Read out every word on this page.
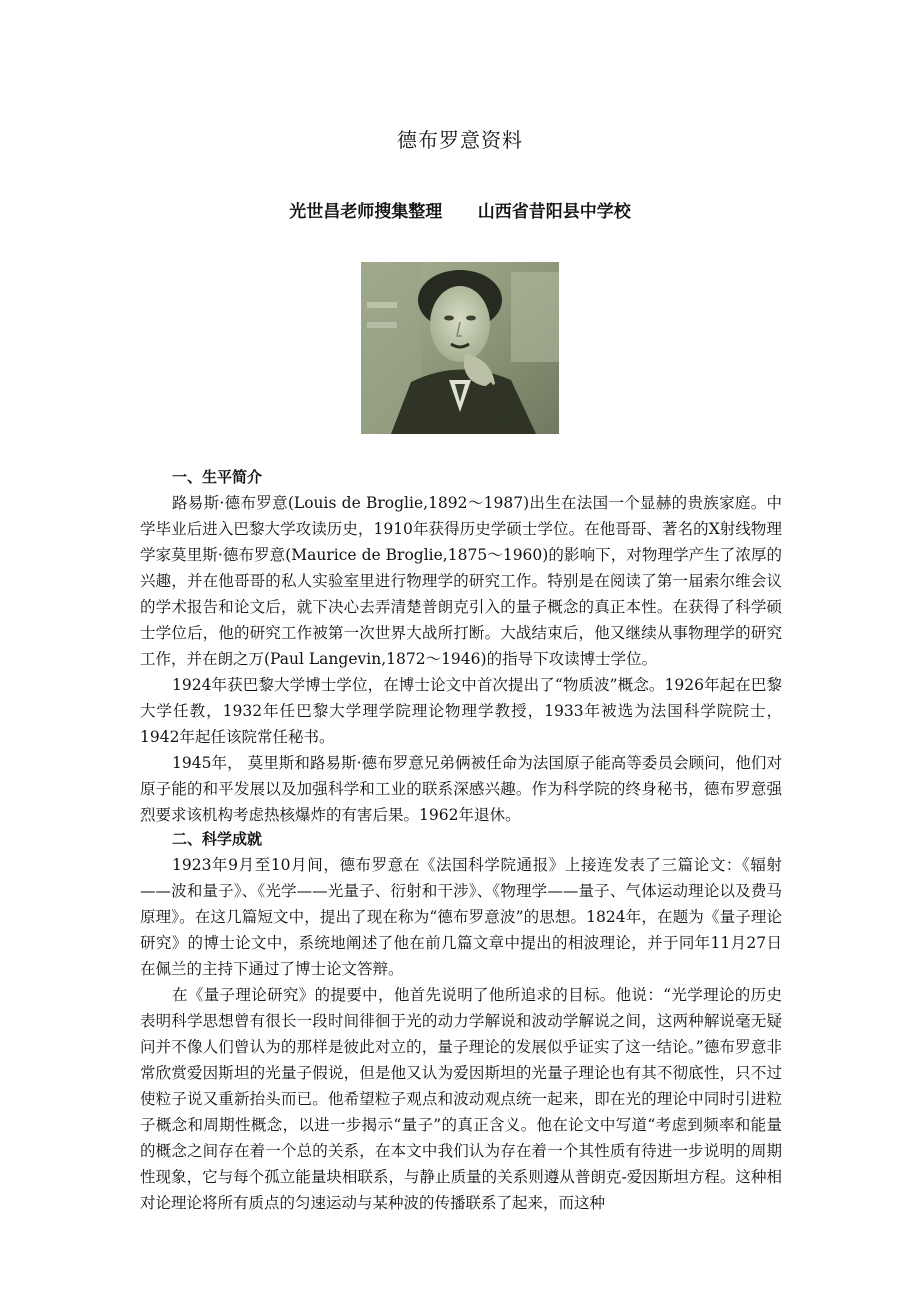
德布罗意资料
光世昌老师搜集整理      山西省昔阳县中学校
一、生平简介

路易斯·德布罗意(Louis de Broglie,1892～1987)出生在法国一个显赫的贵族家庭。中学毕业后进入巴黎大学攻读历史，1910年获得历史学硕士学位。在他哥哥、著名的X射线物理学家莫里斯·德布罗意(Maurice de Broglie,1875～1960)的影响下，对物理学产生了浓厚的兴趣，并在他哥哥的私人实验室里进行物理学的研究工作。特别是在阅读了第一届索尔维会议的学术报告和论文后，就下决心去弄清楚普朗克引入的量子概念的真正本性。在获得了科学硕士学位后，他的研究工作被第一次世界大战所打断。大战结束后，他又继续从事物理学的研究工作，并在朗之万(Paul Langevin,1872～1946)的指导下攻读博士学位。

1924年获巴黎大学博士学位，在博士论文中首次提出了“物质波”概念。1926年起在巴黎大学任教，1932年任巴黎大学理学院理论物理学教授，1933年被选为法国科学院院士，1942年起任该院常任秘书。

1945年， 莫里斯和路易斯·德布罗意兄弟俩被任命为法国原子能高等委员会顾问，他们对原子能的和平发展以及加强科学和工业的联系深感兴趣。作为科学院的终身秘书，德布罗意强烈要求该机构考虑热核爆炸的有害后果。1962年退休。

二、科学成就

1923年9月至10月间，德布罗意在《法国科学院通报》上接连发表了三篇论文：《辐射——波和量子》、《光学——光量子、衍射和干涉》、《物理学——量子、气体运动理论以及费马原理》。在这几篇短文中，提出了现在称为“德布罗意波”的思想。1824年，在题为《量子理论研究》的博士论文中，系统地阐述了他在前几篇文章中提出的相波理论，并于同年11月27日在佩兰的主持下通过了博士论文答辩。

在《量子理论研究》的提要中，他首先说明了他所追求的目标。他说：“光学理论的历史表明科学思想曾有很长一段时间徘徊于光的动力学解说和波动学解说之间，这两种解说毫无疑问并不像人们曾认为的那样是彼此对立的，量子理论的发展似乎证实了这一结论。”德布罗意非常欣赏爱因斯坦的光量子假说，但是他又认为爱因斯坦的光量子理论也有其不彻底性，只不过使粒子说又重新抬头而已。他希望粒子观点和波动观点统一起来，即在光的理论中同时引进粒子概念和周期性概念，以进一步揭示“量子”的真正含义。他在论文中写道“考虑到频率和能量的概念之间存在着一个总的关系，在本文中我们认为存在着一个其性质有待进一步说明的周期性现象，它与每个孤立能量块相联系，与静止质量的关系则遵从普朗克-爱因斯坦方程。这种相对论理论将所有质点的匀速运动与某种波的传播联系了起来，而这种
